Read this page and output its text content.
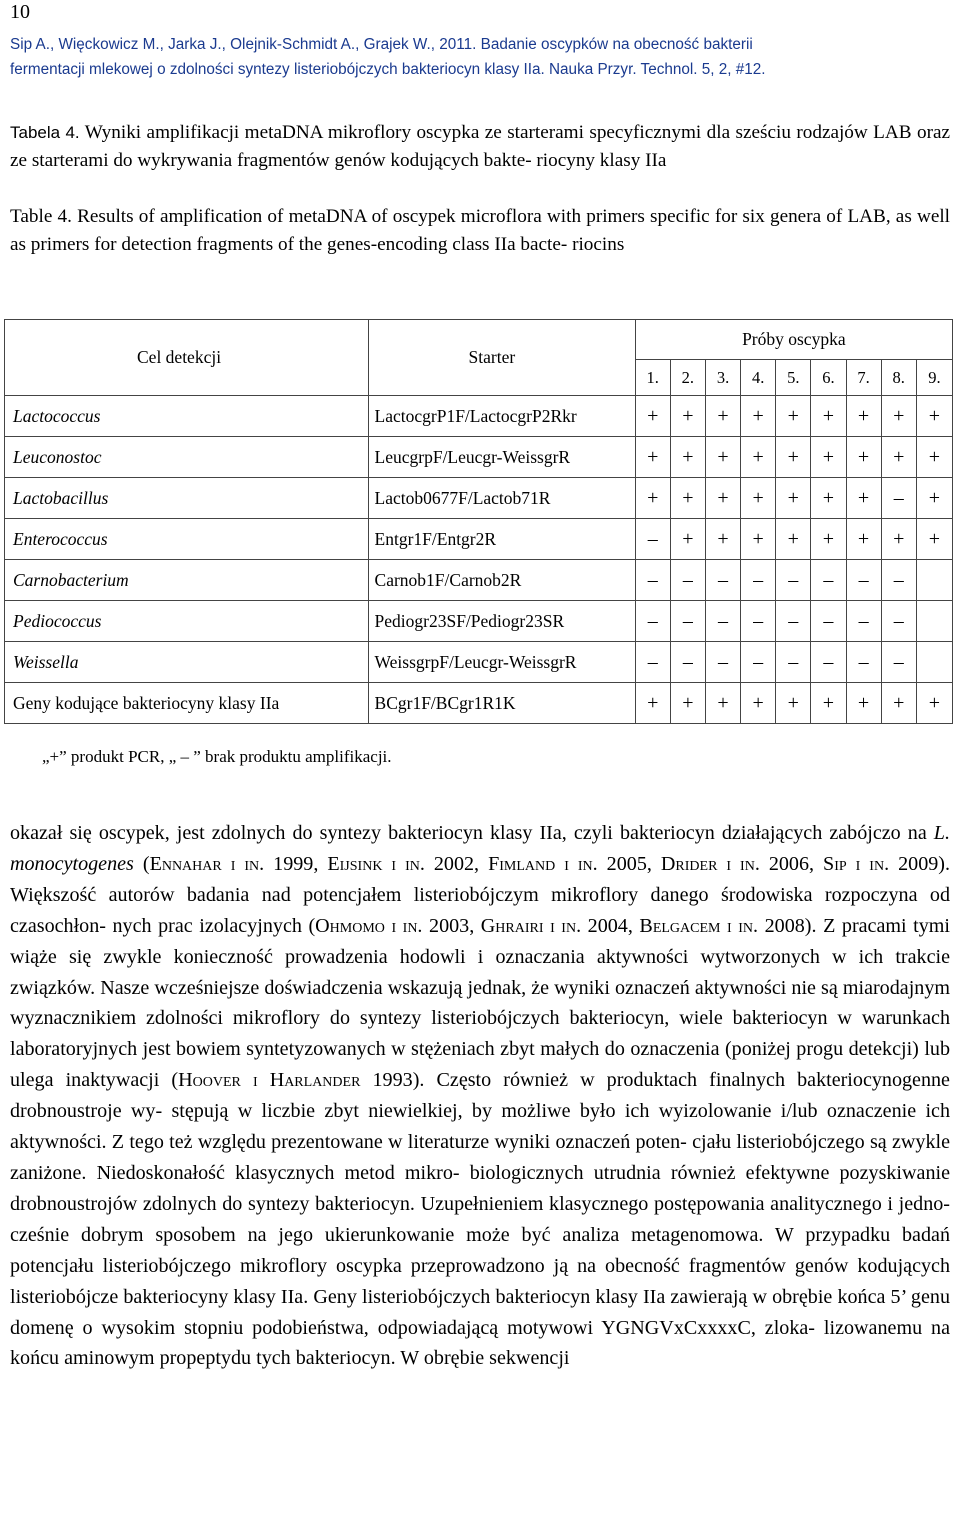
10
Sip A., Więckowicz M., Jarka J., Olejnik-Schmidt A., Grajek W., 2011. Badanie oscypków na obecność bakterii
fermentacji mlekowej o zdolności syntezy listeriobójczych bakteriocyn klasy IIa. Nauka Przyr. Technol. 5, 2, #12.
Tabela 4. Wyniki amplifikacji metaDNA mikroflory oscypka ze starterami specyficznymi dla sześciu rodzajów LAB oraz ze starterami do wykrywania fragmentów genów kodujących bakte- riocyny klasy IIa
Table 4. Results of amplification of metaDNA of oscypek microflora with primers specific for six genera of LAB, as well as primers for detection fragments of the genes-encoding class IIa bacte- riocins
Cel detekcji	Starter	Próby oscypka								
		1.	2.	3.	4.	5.	6.	7.	8.	9.
Lactococcus	LactocgrP1F/LactocgrP2Rkr	+	+	+	+	+	+	+	+	+
Leuconostoc	LeucgrpF/Leucgr-WeissgrR	+	+	+	+	+	+	+	+	+
Lactobacillus	Lactob0677F/Lactob71R	+	+	+	+	+	+	+	–	+
Enterococcus	Entgr1F/Entgr2R	–	+	+	+	+	+	+	+	+
Carnobacterium	Carnob1F/Carnob2R	–	–	–	–	–	–	–	–	
Pediococcus	Pediogr23SF/Pediogr23SR	–	–	–	–	–	–	–	–	
Weissella	WeissgrpF/Leucgr-WeissgrR	–	–	–	–	–	–	–	–	
Geny kodujące bakteriocyny klasy IIa	BCgr1F/BCgr1R1K	+	+	+	+	+	+	+	+	+
„+” produkt PCR, „ – ” brak produktu amplifikacji.
okazał się oscypek, jest zdolnych do syntezy bakteriocyn klasy IIa, czyli bakteriocyn działających zabójczo na L. monocytogenes (Ennahar i in. 1999, Eijsink i in. 2002, Fimland i in. 2005, Drider i in. 2006, Sip i in. 2009). Większość autorów badania nad potencjałem listeriobójczym mikroflory danego środowiska rozpoczyna od czasochłon- nych prac izolacyjnych (Ohmomo i in. 2003, Ghrairi i in. 2004, Belgacem i in. 2008). Z pracami tymi wiąże się zwykle konieczność prowadzenia hodowli i oznaczania aktywności wytworzonych w ich trakcie związków. Nasze wcześniejsze doświadczenia wskazują jednak, że wyniki oznaczeń aktywności nie są miarodajnym wyznacznikiem zdolności mikroflory do syntezy listeriobójczych bakteriocyn, wiele bakteriocyn w warunkach laboratoryjnych jest bowiem syntetyzowanych w stężeniach zbyt małych do oznaczenia (poniżej progu detekcji) lub ulega inaktywacji (Hoover i Harlander 1993). Często również w produktach finalnych bakteriocynogenne drobnoustroje wy- stępują w liczbie zbyt niewielkiej, by możliwe było ich wyizolowanie i/lub oznaczenie ich aktywności. Z tego też względu prezentowane w literaturze wyniki oznaczeń poten- cjału listeriobójczego są zwykle zaniżone. Niedoskonałość klasycznych metod mikro- biologicznych utrudnia również efektywne pozyskiwanie drobnoustrojów zdolnych do syntezy bakteriocyn. Uzupełnieniem klasycznego postępowania analitycznego i jedno- cześnie dobrym sposobem na jego ukierunkowanie może być analiza metagenomowa. W przypadku badań potencjału listeriobójczego mikroflory oscypka przeprowadzono ją na obecność fragmentów genów kodujących listeriobójcze bakteriocyny klasy IIa. Geny listeriobójczych bakteriocyn klasy IIa zawierają w obrębie końca 5’ genu domenę o wysokim stopniu podobieństwa, odpowiadającą motywowi YGNGVxCxxxxC, zloka- lizowanemu na końcu aminowym propeptydu tych bakteriocyn. W obrębie sekwencji
